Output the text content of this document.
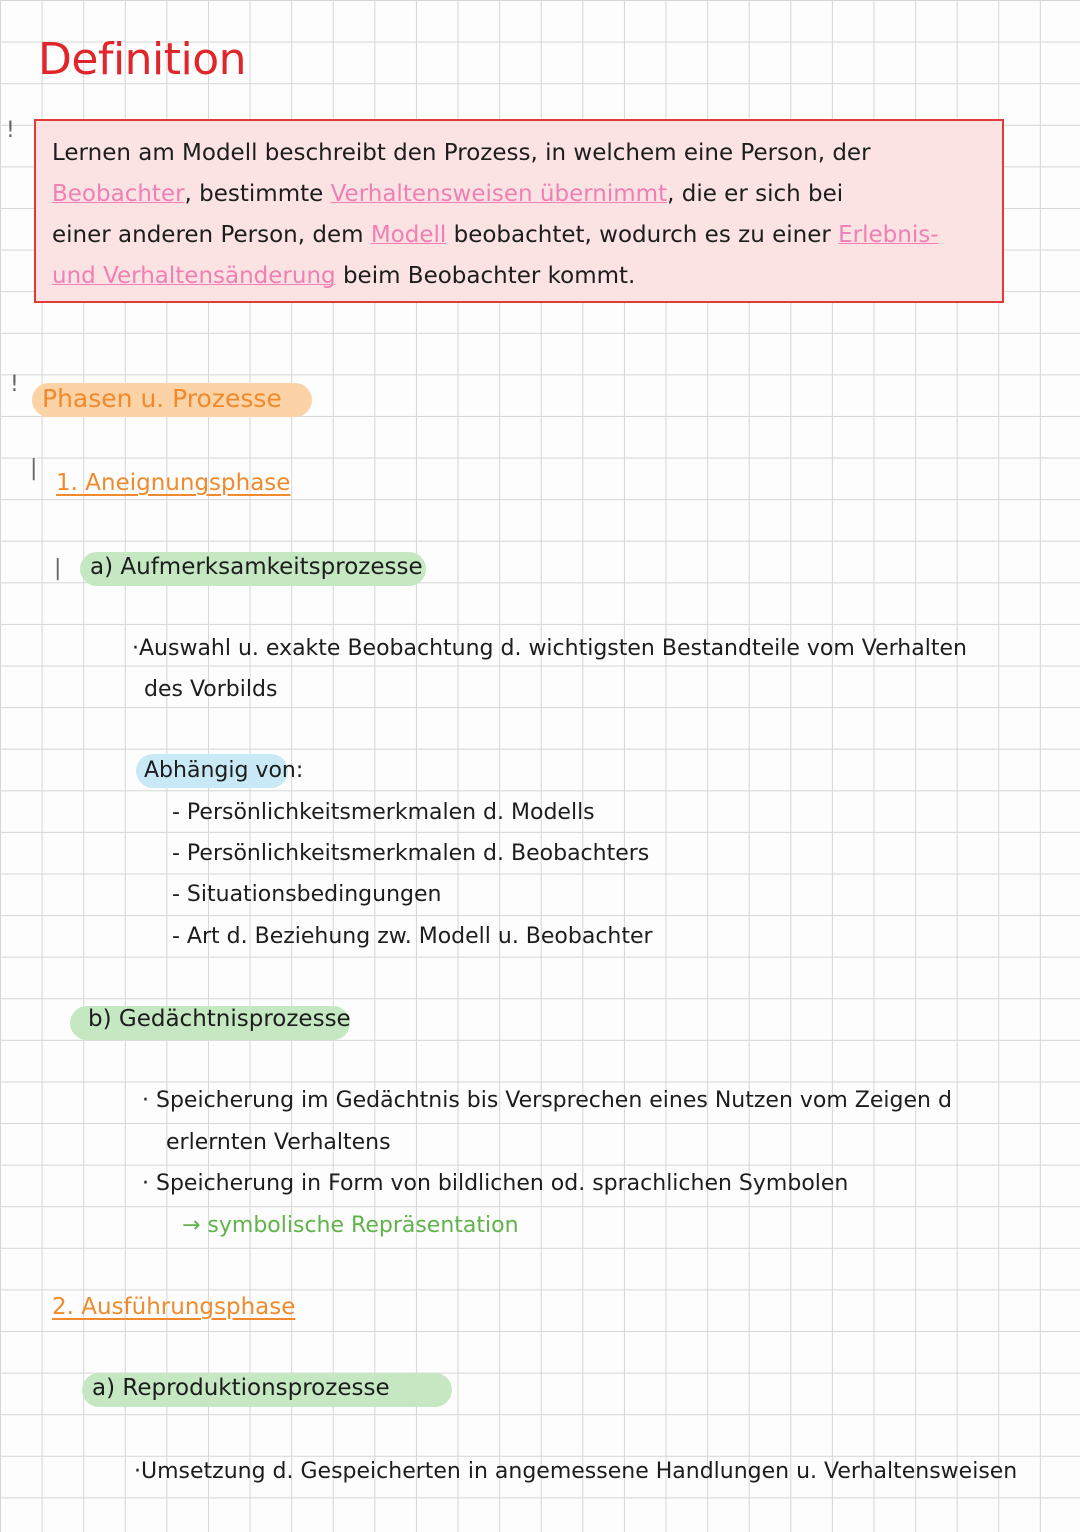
!
!
|
|
Definition
Lernen am Modell beschreibt den Prozess, in welchem eine Person, der
Beobachter, bestimmte Verhaltensweisen übernimmt, die er sich bei
einer anderen Person, dem Modell beobachtet, wodurch es zu einer Erlebnis-
und Verhaltensänderung beim Beobachter kommt.
Phasen u. Prozesse
1. Aneignungsphase
a) Aufmerksamkeitsprozesse
·Auswahl u. exakte Beobachtung d. wichtigsten Bestandteile vom Verhalten
des Vorbilds
Abhängig von:
- Persönlichkeitsmerkmalen d. Modells
- Persönlichkeitsmerkmalen d. Beobachters
- Situationsbedingungen
- Art d. Beziehung zw. Modell u. Beobachter
b) Gedächtnisprozesse
· Speicherung im Gedächtnis bis Versprechen eines Nutzen vom Zeigen d
erlernten Verhaltens
· Speicherung in Form von bildlichen od. sprachlichen Symbolen
→ symbolische Repräsentation
2. Ausführungsphase
a) Reproduktionsprozesse
·Umsetzung d. Gespeicherten in angemessene Handlungen u. Verhaltensweisen
